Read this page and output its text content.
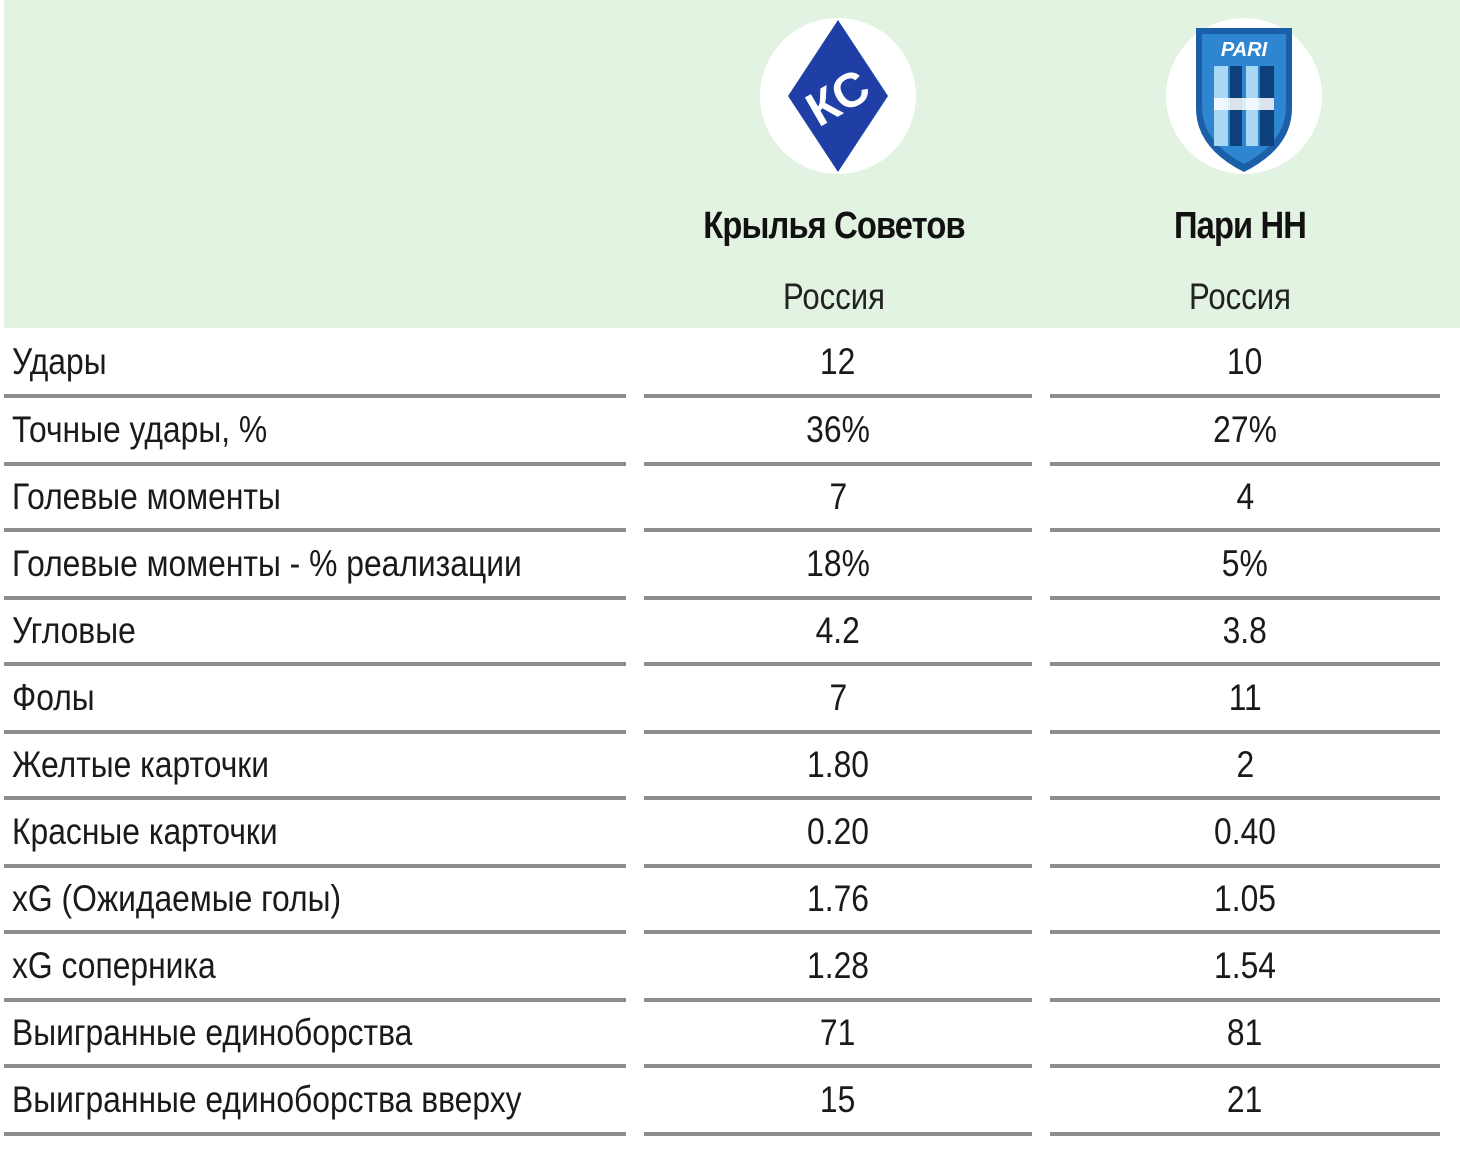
КС
Крылья Советов
Россия
PARI
Пари НН
Россия
Удары	12	10
Точные удары, %	36%	27%
Голевые моменты	7	4
Голевые моменты - % реализации	18%	5%
Угловые	4.2	3.8
Фолы	7	11
Желтые карточки	1.80	2
Красные карточки	0.20	0.40
xG (Ожидаемые голы)	1.76	1.05
xG соперника	1.28	1.54
Выигранные единоборства	71	81
Выигранные единоборства вверху	15	21
